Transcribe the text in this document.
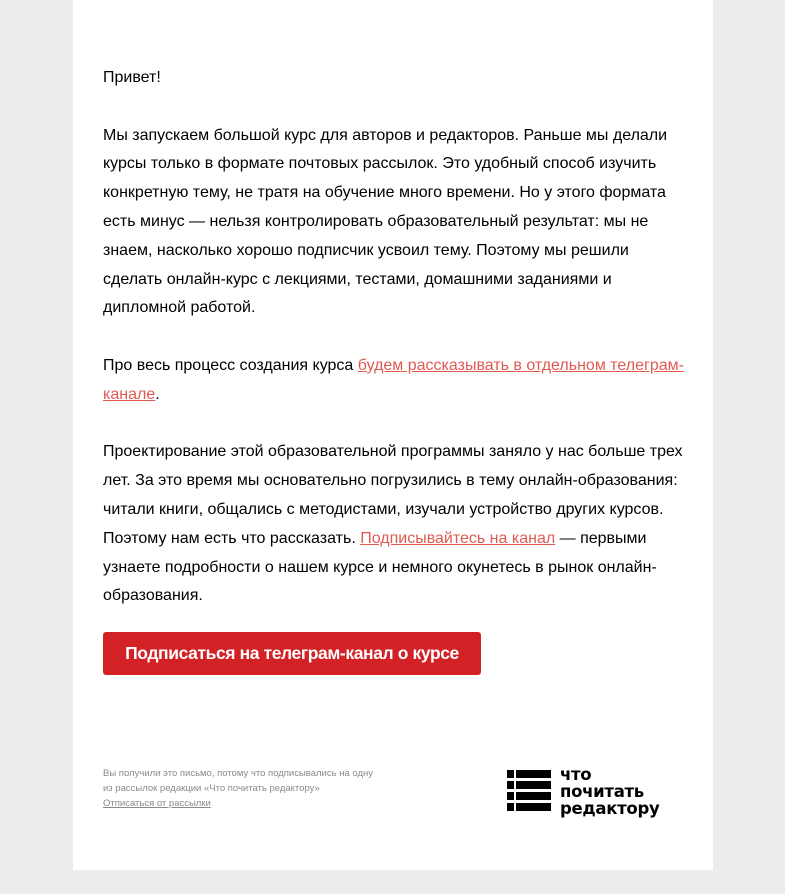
Привет!

Мы запускаем большой курс для авторов и редакторов. Раньше мы делали курсы только в формате почтовых рассылок. Это удобный способ изучить конкретную тему, не тратя на обучение много времени. Но у этого формата есть минус — нельзя контролировать образовательный результат: мы не знаем, насколько хорошо подписчик усвоил тему. Поэтому мы решили сделать онлайн-курс с лекциями, тестами, домашними заданиями и дипломной работой.

Про весь процесс создания курса будем рассказывать в отдельном телеграм-канале.

Проектирование этой образовательной программы заняло у нас больше трех лет. За это время мы основательно погрузились в тему онлайн-образования: читали книги, общались с методистами, изучали устройство других курсов. Поэтому нам есть что рассказать. Подписывайтесь на канал — первыми узнаете подробности о нашем курсе и немного окунетесь в рынок онлайн-образования.

Подписаться на телеграм-канал о курсе
Вы получили это письмо, потому что подписывались на одну из рассылок редакции «Что почитать редактору»
Отписаться от рассылки
что
почитать
редактору
